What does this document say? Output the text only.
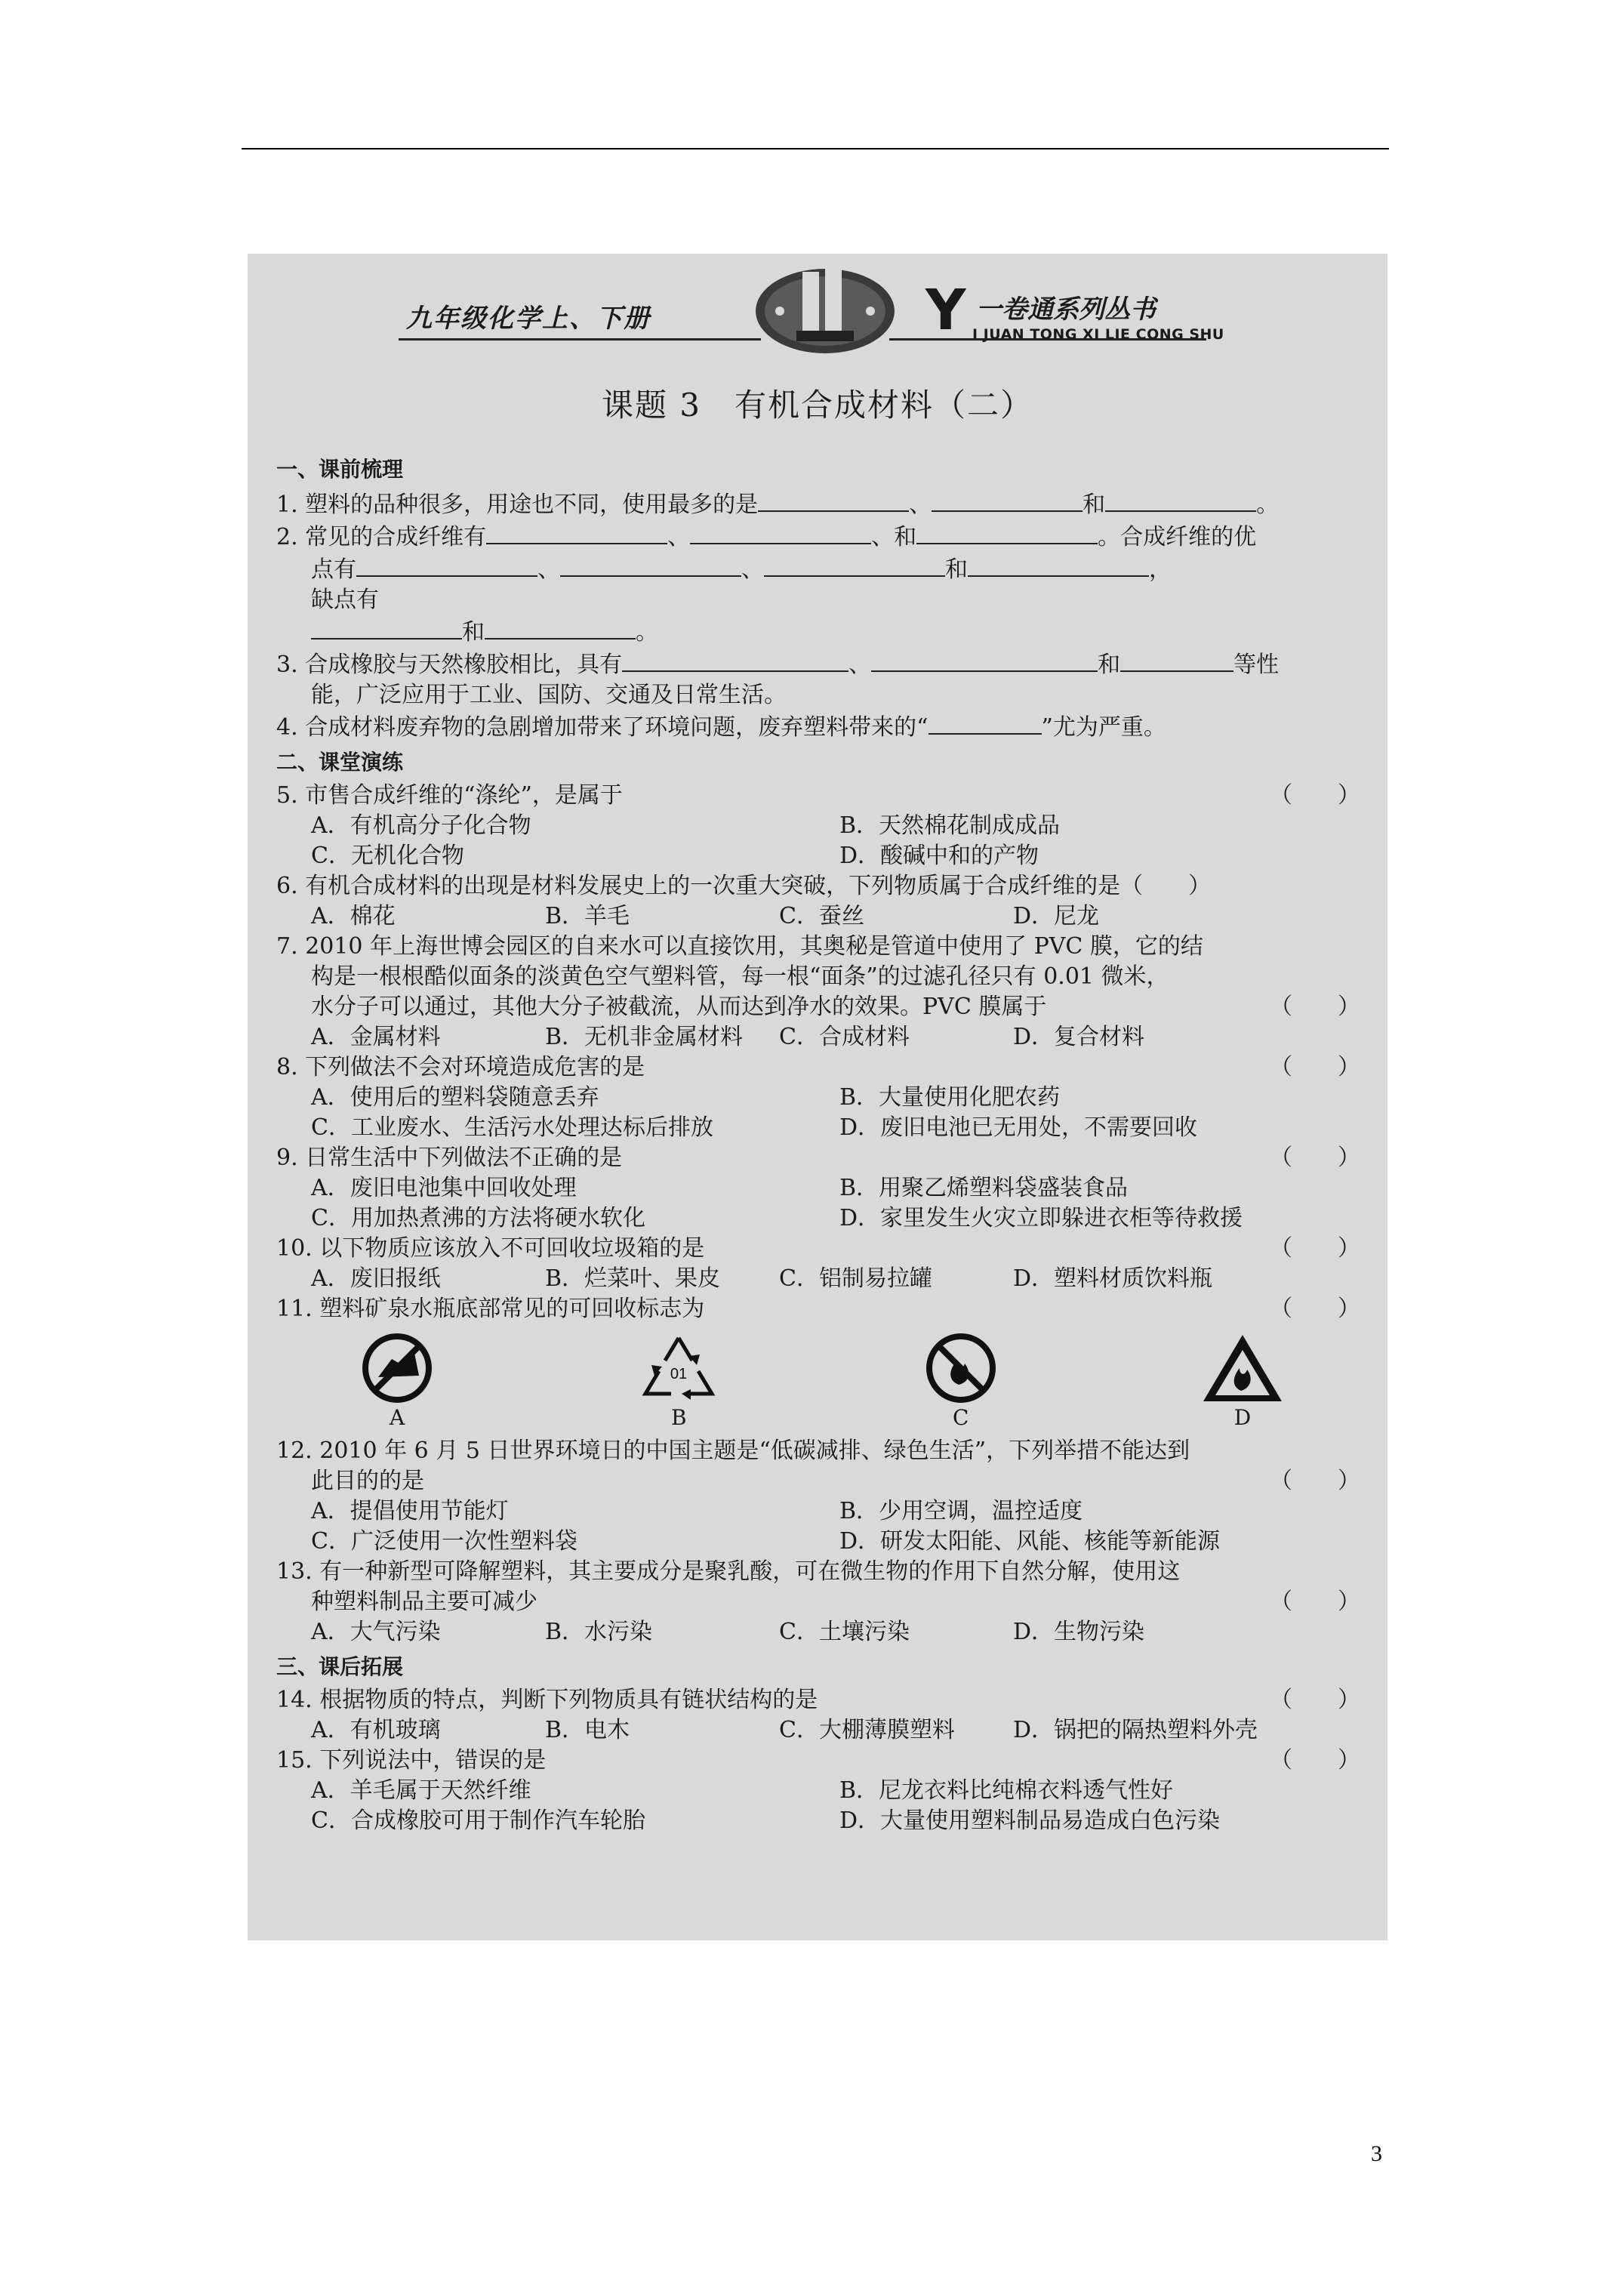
九年级化学上、下册	Y 一卷通系列丛书
I JUAN TONG XI LIE CONG SHU
课题 3　有机合成材料（二）
一、课前梳理
1. 塑料的品种很多，用途也不同，使用最多的是	、	和	。
2. 常见的合成纤维有	、	、和	。合成纤维的优
点有	、	、	和	，
缺点有
和	。
3. 合成橡胶与天然橡胶相比，具有	、	和	等性
能，广泛应用于工业、国防、交通及日常生活。
4. 合成材料废弃物的急剧增加带来了环境问题，废弃塑料带来的“	”尤为严重。
二、课堂演练
5. 市售合成纤维的“涤纶”，是属于	（　　）
A．有机高分子化合物	B．天然棉花制成成品
C．无机化合物	D．酸碱中和的产物
6. 有机合成材料的出现是材料发展史上的一次重大突破，下列物质属于合成纤维的是（　　）
A．棉花	B．羊毛	C．蚕丝	D．尼龙
7. 2010 年上海世博会园区的自来水可以直接饮用，其奥秘是管道中使用了 PVC 膜，它的结
构是一根根酷似面条的淡黄色空气塑料管，每一根“面条”的过滤孔径只有 0.01 微米，
水分子可以通过，其他大分子被截流，从而达到净水的效果。PVC 膜属于	（　　）
A．金属材料	B．无机非金属材料	C．合成材料	D．复合材料
8. 下列做法不会对环境造成危害的是	（　　）
A．使用后的塑料袋随意丢弃	B．大量使用化肥农药
C．工业废水、生活污水处理达标后排放	D．废旧电池已无用处，不需要回收
9. 日常生活中下列做法不正确的是	（　　）
A．废旧电池集中回收处理	B．用聚乙烯塑料袋盛装食品
C．用加热煮沸的方法将硬水软化	D．家里发生火灾立即躲进衣柜等待救援
10. 以下物质应该放入不可回收垃圾箱的是	（　　）
A．废旧报纸	B．烂菜叶、果皮	C．铝制易拉罐	D．塑料材质饮料瓶
11. 塑料矿泉水瓶底部常见的可回收标志为	（　　）
A
01
B	C	D
12. 2010 年 6 月 5 日世界环境日的中国主题是“低碳减排、绿色生活”，下列举措不能达到
此目的的是	（　　）
A．提倡使用节能灯	B．少用空调，温控适度
C．广泛使用一次性塑料袋	D．研发太阳能、风能、核能等新能源
13. 有一种新型可降解塑料，其主要成分是聚乳酸，可在微生物的作用下自然分解，使用这
种塑料制品主要可减少	（　　）
A．大气污染	B．水污染	C．土壤污染	D．生物污染
三、课后拓展
14. 根据物质的特点，判断下列物质具有链状结构的是	（　　）
A．有机玻璃	B．电木	C．大棚薄膜塑料	D．锅把的隔热塑料外壳
15. 下列说法中，错误的是	（　　）
A．羊毛属于天然纤维	B．尼龙衣料比纯棉衣料透气性好
C．合成橡胶可用于制作汽车轮胎	D．大量使用塑料制品易造成白色污染
3
